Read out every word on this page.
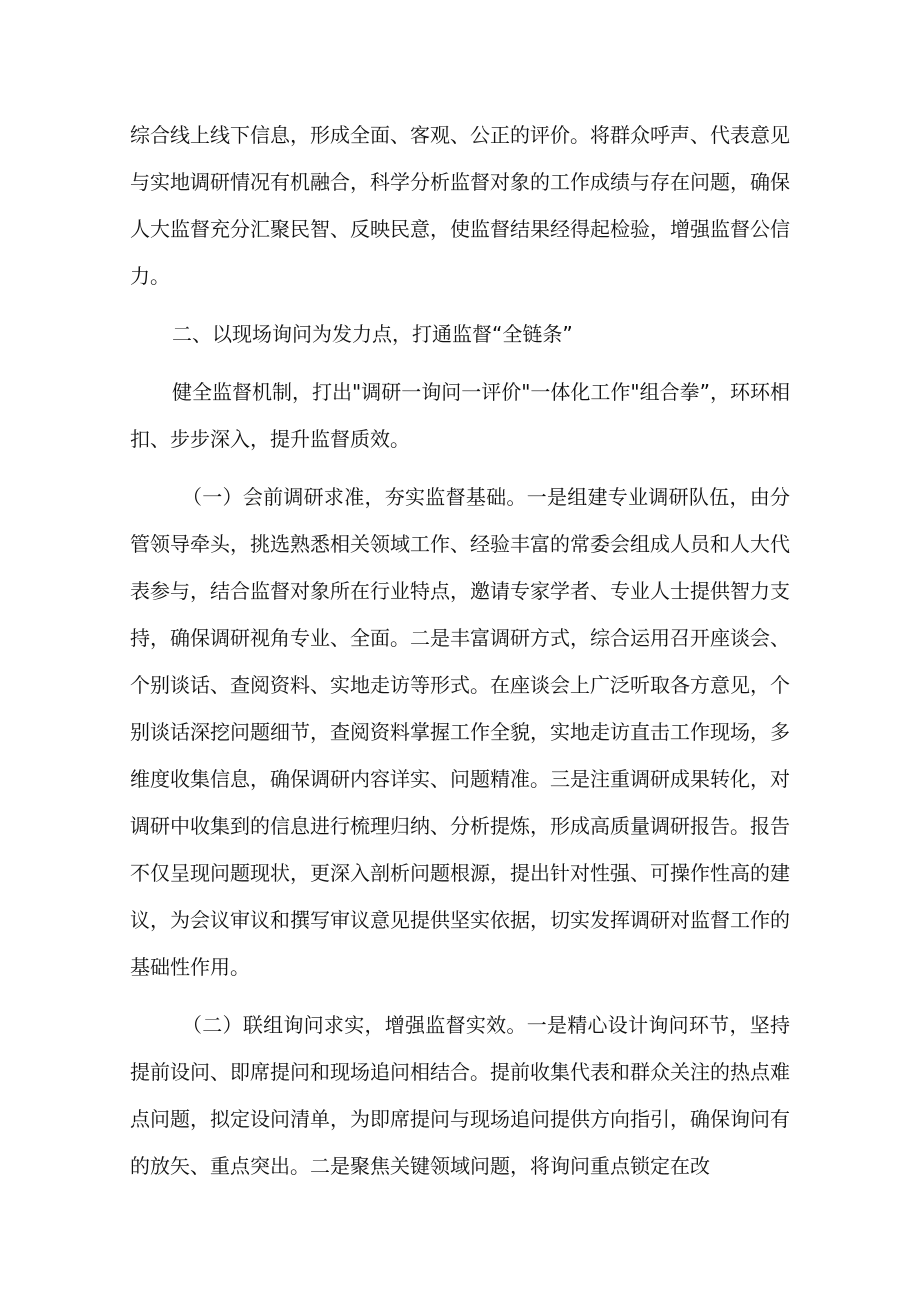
综合线上线下信息，形成全面、客观、公正的评价。将群众呼声、代表意见与实地调研情况有机融合，科学分析监督对象的工作成绩与存在问题，确保人大监督充分汇聚民智、反映民意，使监督结果经得起检验，增强监督公信力。

二、以现场询问为发力点，打通监督“全链条”

健全监督机制，打出"调研一询问一评价"一体化工作"组合拳”，环环相扣、步步深入，提升监督质效。

（一）会前调研求准，夯实监督基础。一是组建专业调研队伍，由分管领导牵头，挑选熟悉相关领域工作、经验丰富的常委会组成人员和人大代表参与，结合监督对象所在行业特点，邀请专家学者、专业人士提供智力支持，确保调研视角专业、全面。二是丰富调研方式，综合运用召开座谈会、个别谈话、查阅资料、实地走访等形式。在座谈会上广泛听取各方意见，个别谈话深挖问题细节，查阅资料掌握工作全貌，实地走访直击工作现场，多维度收集信息，确保调研内容详实、问题精准。三是注重调研成果转化，对调研中收集到的信息进行梳理归纳、分析提炼，形成高质量调研报告。报告不仅呈现问题现状，更深入剖析问题根源，提出针对性强、可操作性高的建议，为会议审议和撰写审议意见提供坚实依据，切实发挥调研对监督工作的基础性作用。

（二）联组询问求实，增强监督实效。一是精心设计询问环节，坚持提前设问、即席提问和现场追问相结合。提前收集代表和群众关注的热点难点问题，拟定设问清单，为即席提问与现场追问提供方向指引，确保询问有的放矢、重点突出。二是聚焦关键领域问题，将询问重点锁定在改
